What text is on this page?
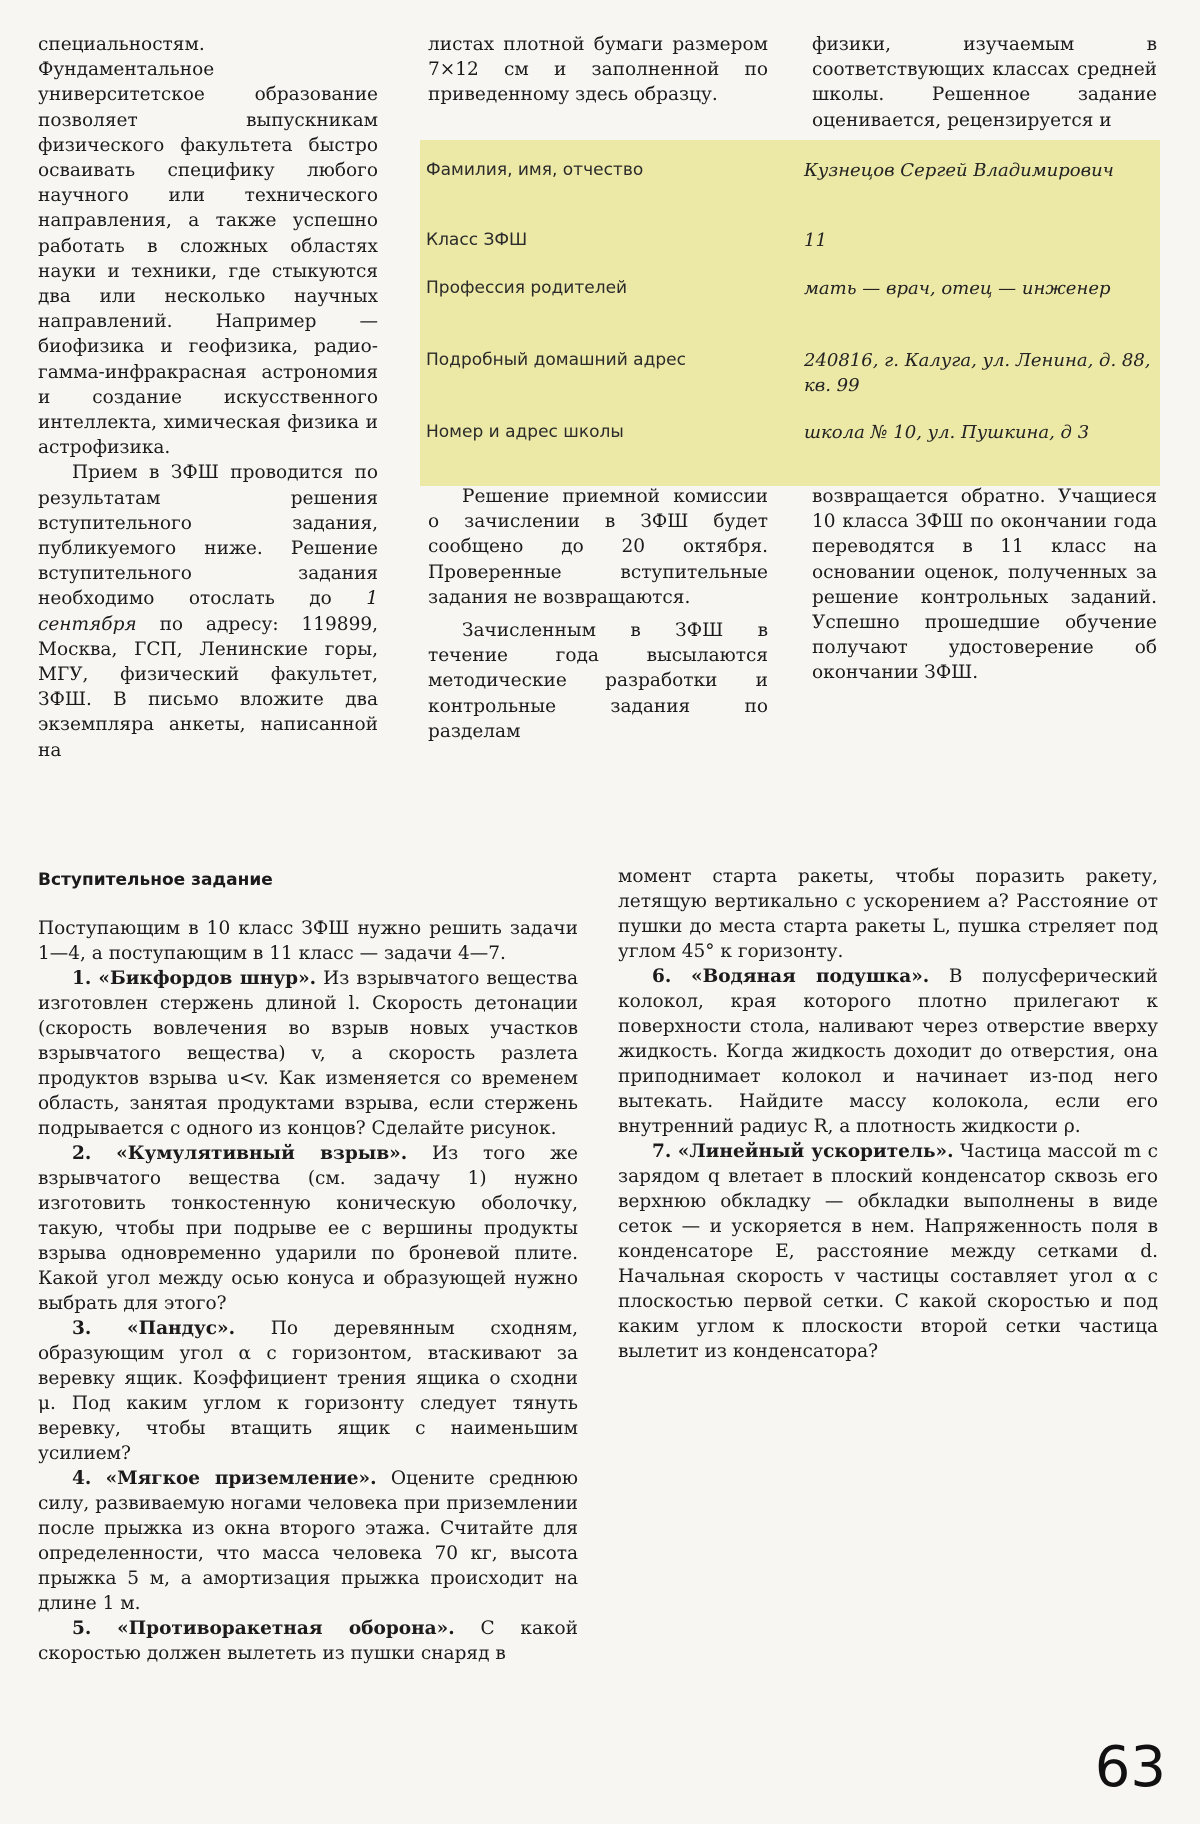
специальностям. Фундаментальное университетское образование позволяет выпускникам физического факультета быстро осваивать специфику любого научного или технического направления, а также успешно работать в сложных областях науки и техники, где стыкуются два или несколько научных направлений. Например — биофизика и геофизика, радио-гамма-инфракрасная астрономия и создание искусственного интеллекта, химическая физика и астрофизика.

Прием в ЗФШ проводится по результатам решения вступительного задания, публикуемого ниже. Решение вступительного задания необходимо отослать до 1 сентября по адресу: 119899, Москва, ГСП, Ленинские горы, МГУ, физический факультет, ЗФШ. В письмо вложите два экземпляра анкеты, написанной на

листах плотной бумаги размером 7×12 см и заполненной по приведенному здесь образцу.

физики, изучаемым в соответствующих классах средней школы. Решенное задание оценивается, рецензируется и

Фамилия, имя, отчество	Кузнецов Сергей Владимирович
Класс ЗФШ	11
Профессия родителей	мать — врач, отец — инженер
Подробный домашний адрес	240816, г. Калуга, ул. Ленина, д. 88, кв. 99
Номер и адрес школы	школа № 10, ул. Пушкина, д 3

Решение приемной комиссии о зачислении в ЗФШ будет сообщено до 20 октября. Проверенные вступительные задания не возвращаются.

Зачисленным в ЗФШ в течение года высылаются методические разработки и контрольные задания по разделам

возвращается обратно. Учащиеся 10 класса ЗФШ по окончании года переводятся в 11 класс на основании оценок, полученных за решение контрольных заданий. Успешно прошедшие обучение получают удостоверение об окончании ЗФШ.

Вступительное задание

Поступающим в 10 класс ЗФШ нужно решить задачи 1—4, а поступающим в 11 класс — задачи 4—7.

1. «Бикфордов шнур». Из взрывчатого вещества изготовлен стержень длиной l. Скорость детонации (скорость вовлечения во взрыв новых участков взрывчатого вещества) v, а скорость разлета продуктов взрыва u<v. Как изменяется со временем область, занятая продуктами взрыва, если стержень подрывается с одного из концов? Сделайте рисунок.

2. «Кумулятивный взрыв». Из того же взрывчатого вещества (см. задачу 1) нужно изготовить тонкостенную коническую оболочку, такую, чтобы при подрыве ее с вершины продукты взрыва одновременно ударили по броневой плите. Какой угол между осью конуса и образующей нужно выбрать для этого?

3. «Пандус». По деревянным сходням, образующим угол α с горизонтом, втаскивают за веревку ящик. Коэффициент трения ящика о сходни μ. Под каким углом к горизонту следует тянуть веревку, чтобы втащить ящик с наименьшим усилием?

4. «Мягкое приземление». Оцените среднюю силу, развиваемую ногами человека при приземлении после прыжка из окна второго этажа. Считайте для определенности, что масса человека 70 кг, высота прыжка 5 м, а амортизация прыжка происходит на длине 1 м.

5. «Противоракетная оборона». С какой скоростью должен вылететь из пушки снаряд в

момент старта ракеты, чтобы поразить ракету, летящую вертикально с ускорением a? Расстояние от пушки до места старта ракеты L, пушка стреляет под углом 45° к горизонту.

6. «Водяная подушка». В полусферический колокол, края которого плотно прилегают к поверхности стола, наливают через отверстие вверху жидкость. Когда жидкость доходит до отверстия, она приподнимает колокол и начинает из-под него вытекать. Найдите массу колокола, если его внутренний радиус R, а плотность жидкости ρ.

7. «Линейный ускоритель». Частица массой m с зарядом q влетает в плоский конденсатор сквозь его верхнюю обкладку — обкладки выполнены в виде сеток — и ускоряется в нем. Напряженность поля в конденсаторе E, расстояние между сетками d. Начальная скорость v частицы составляет угол α с плоскостью первой сетки. С какой скоростью и под каким углом к плоскости второй сетки частица вылетит из конденсатора?

63
